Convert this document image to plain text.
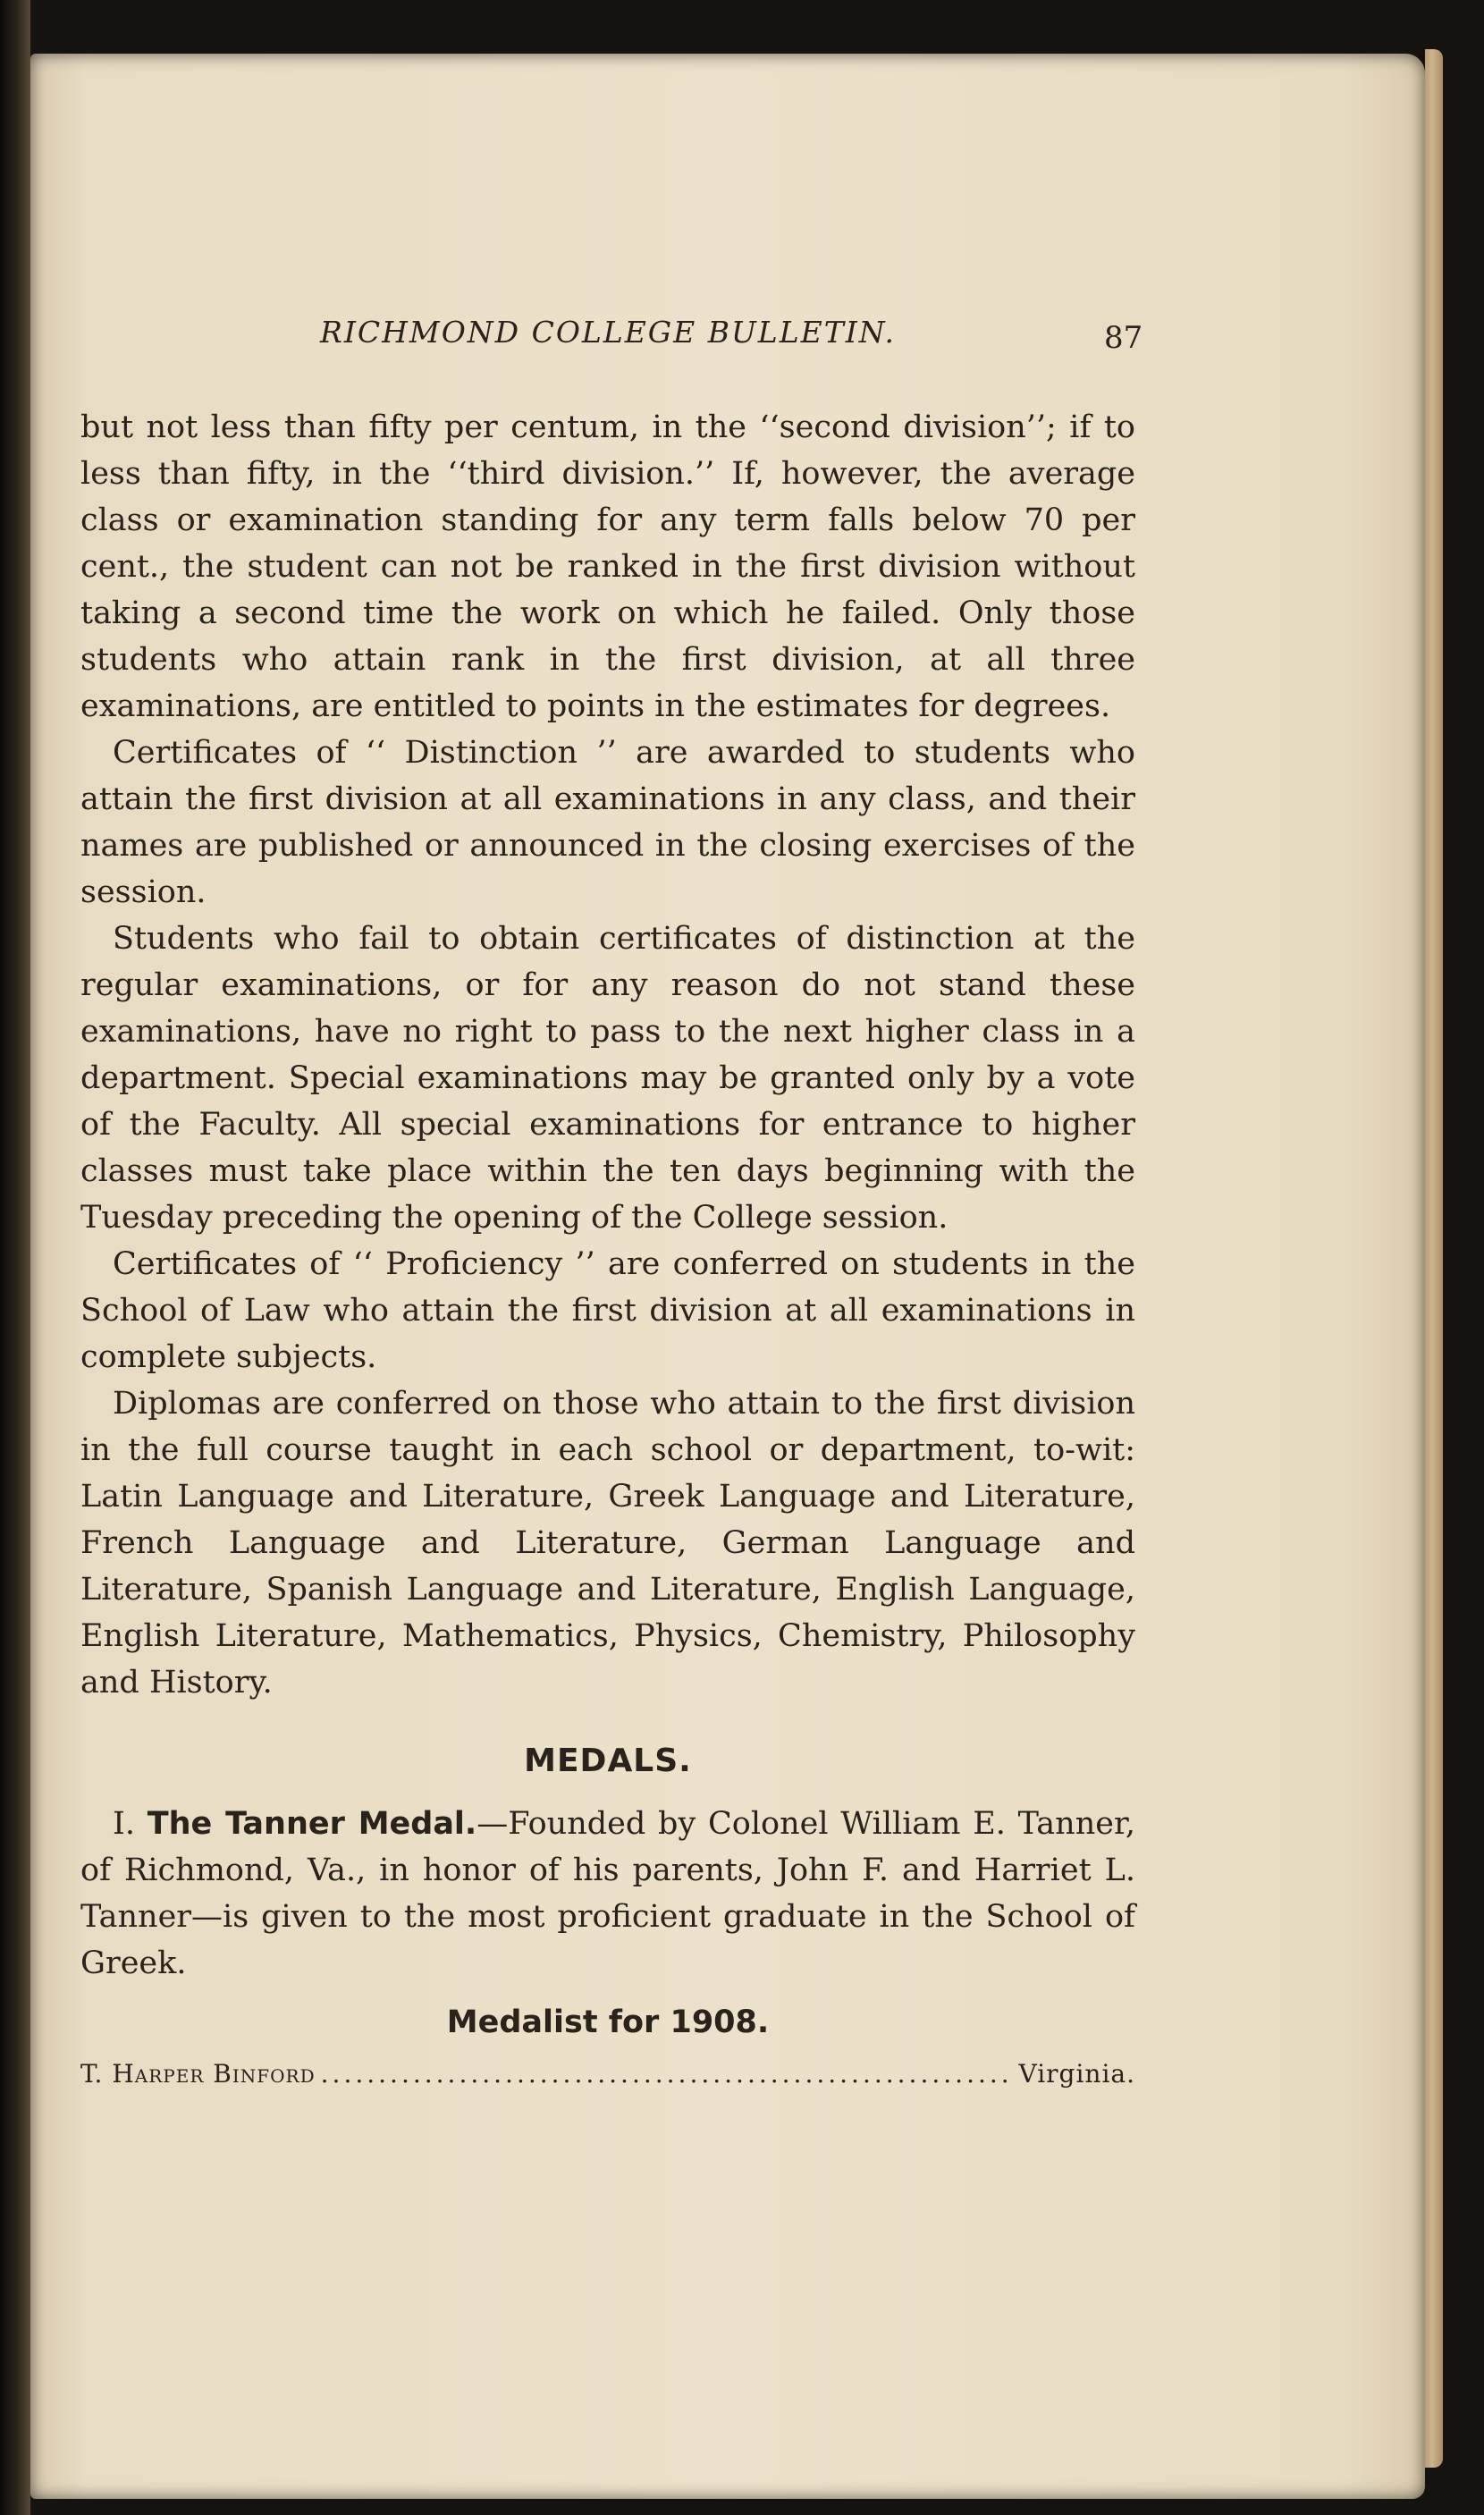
RICHMOND COLLEGE BULLETIN.	87

but not less than fifty per centum, in the ‘‘second division’’; if to less than fifty, in the ‘‘third division.’’ If, however, the average class or examination standing for any term falls below 70 per cent., the student can not be ranked in the first division without taking a second time the work on which he failed. Only those students who attain rank in the first division, at all three examinations, are entitled to points in the estimates for degrees.

Certificates of ‘‘ Distinction ’’ are awarded to students who attain the first division at all examinations in any class, and their names are published or announced in the closing exercises of the session.

Students who fail to obtain certificates of distinction at the regular examinations, or for any reason do not stand these examinations, have no right to pass to the next higher class in a department. Special examinations may be granted only by a vote of the Faculty. All special examinations for entrance to higher classes must take place within the ten days beginning with the Tuesday preceding the opening of the College session.

Certificates of ‘‘ Proficiency ’’ are conferred on students in the School of Law who attain the first division at all examinations in complete subjects.

Diplomas are conferred on those who attain to the first division in the full course taught in each school or department, to-wit: Latin Language and Literature, Greek Language and Literature, French Language and Literature, German Language and Literature, Spanish Language and Literature, English Language, English Literature, Mathematics, Physics, Chemistry, Philosophy and History.

MEDALS.

I. The Tanner Medal.—Founded by Colonel William E. Tanner, of Richmond, Va., in honor of his parents, John F. and Harriet L. Tanner—is given to the most proficient graduate in the School of Greek.

Medalist for 1908.
T. Harper Binford
.....	Virginia.
